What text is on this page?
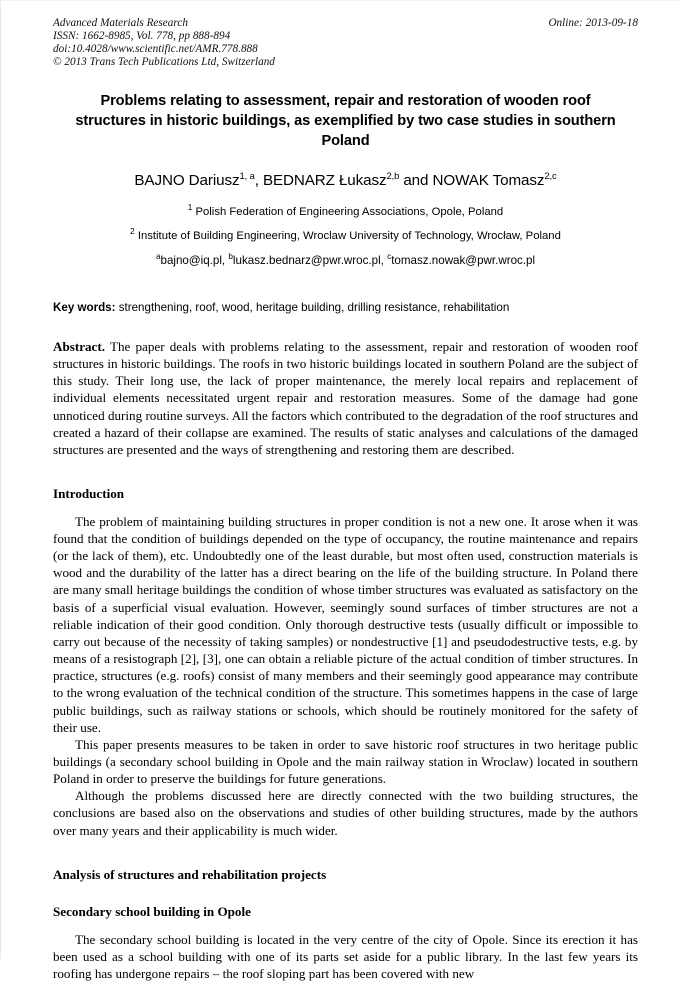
Online: 2013-09-18
Advanced Materials Research
ISSN: 1662-8985, Vol. 778, pp 888-894
doi:10.4028/www.scientific.net/AMR.778.888
© 2013 Trans Tech Publications Ltd, Switzerland
Problems relating to assessment, repair and restoration of wooden roof structures in historic buildings, as exemplified by two case studies in southern Poland
BAJNO Dariusz$^{1, a}$, BEDNARZ Łukasz$^{2,b}$ and NOWAK Tomasz$^{2,c}$
$^1$ Polish Federation of Engineering Associations, Opole, Poland
$^2$ Institute of Building Engineering, Wroclaw University of Technology, Wrocław, Poland
$^a$bajno@iq.pl, $^b$lukasz.bednarz@pwr.wroc.pl, $^c$tomasz.nowak@pwr.wroc.pl
Key words: strengthening, roof, wood, heritage building, drilling resistance, rehabilitation
Abstract. The paper deals with problems relating to the assessment, repair and restoration of wooden roof structures in historic buildings. The roofs in two historic buildings located in southern Poland are the subject of this study. Their long use, the lack of proper maintenance, the merely local repairs and replacement of individual elements necessitated urgent repair and restoration measures. Some of the damage had gone unnoticed during routine surveys. All the factors which contributed to the degradation of the roof structures and created a hazard of their collapse are examined. The results of static analyses and calculations of the damaged structures are presented and the ways of strengthening and restoring them are described.
Introduction

The problem of maintaining building structures in proper condition is not a new one. It arose when it was found that the condition of buildings depended on the type of occupancy, the routine maintenance and repairs (or the lack of them), etc. Undoubtedly one of the least durable, but most often used, construction materials is wood and the durability of the latter has a direct bearing on the life of the building structure. In Poland there are many small heritage buildings the condition of whose timber structures was evaluated as satisfactory on the basis of a superficial visual evaluation. However, seemingly sound surfaces of timber structures are not a reliable indication of their good condition. Only thorough destructive tests (usually difficult or impossible to carry out because of the necessity of taking samples) or nondestructive [1] and pseudodestructive tests, e.g. by means of a resistograph [2], [3], one can obtain a reliable picture of the actual condition of timber structures. In practice, structures (e.g. roofs) consist of many members and their seemingly good appearance may contribute to the wrong evaluation of the technical condition of the structure. This sometimes happens in the case of large public buildings, such as railway stations or schools, which should be routinely monitored for the safety of their use.

This paper presents measures to be taken in order to save historic roof structures in two heritage public buildings (a secondary school building in Opole and the main railway station in Wroclaw) located in southern Poland in order to preserve the buildings for future generations.

Although the problems discussed here are directly connected with the two building structures, the conclusions are based also on the observations and studies of other building structures, made by the authors over many years and their applicability is much wider.

Analysis of structures and rehabilitation projects
Secondary school building in Opole

The secondary school building is located in the very centre of the city of Opole. Since its erection it has been used as a school building with one of its parts set aside for a public library. In the last few years its roofing has undergone repairs – the roof sloping part has been covered with new
